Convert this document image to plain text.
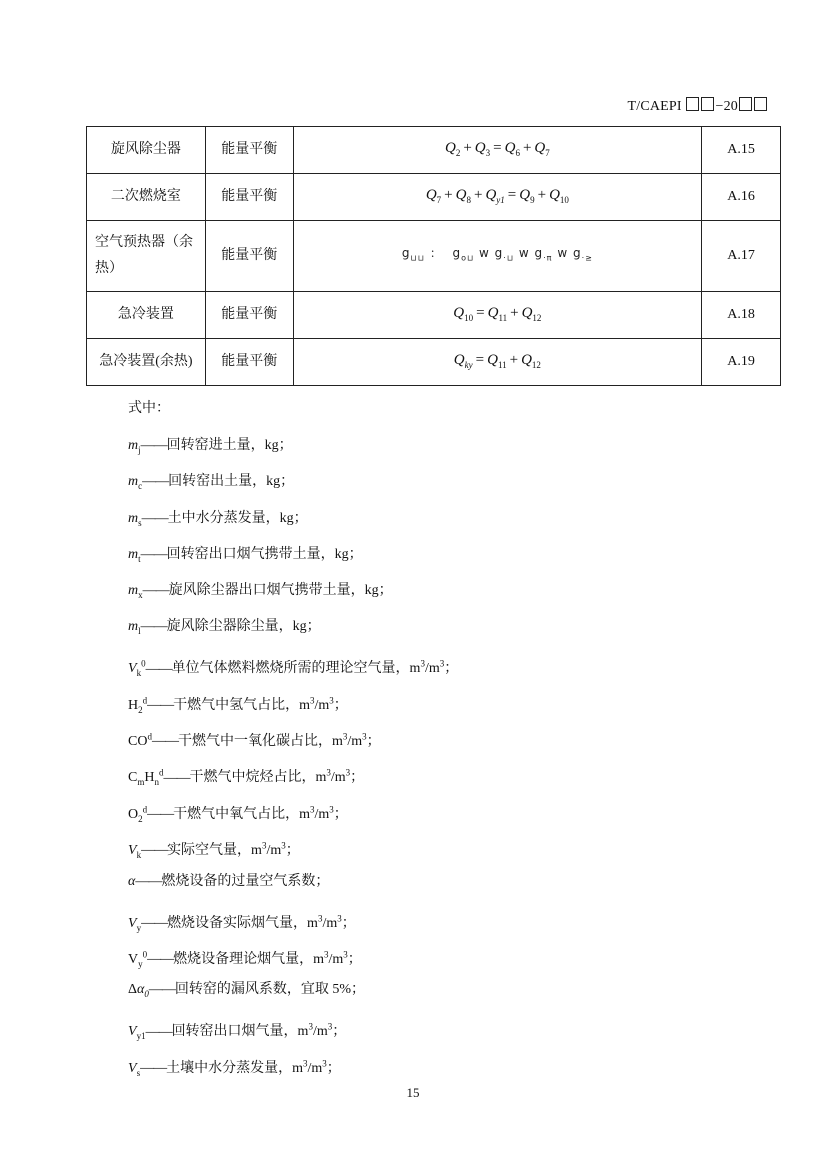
T/CAEPI −20
旋风除尘器	能量平衡	$Q_2 + Q_3 = Q_6 + Q_7$	A.15
二次燃烧室	能量平衡	$Q_7 + Q_8 + Q_{y1} = Q_9 + Q_{10}$	A.16
空气预热器（余热）	能量平衡	$g_{⊔⊔}$ ：  $g_{o⊔}$ w $g_{\cdot⊔}$ w $g_{\cdot\pi}$ w $g_{\cdot\ge}$	A.17
急冷装置	能量平衡	$Q_{10} = Q_{11} + Q_{12}$	A.18
急冷装置(余热)	能量平衡	$Q_{ky} = Q_{11} + Q_{12}$	A.19
式中：
$m_j——$回转窑进土量，kg；
$m_c——$回转窑出土量，kg；
$m_s——$土中水分蒸发量，kg；
$m_t——$回转窑出口烟气携带土量，kg；
$m_x——$旋风除尘器出口烟气携带土量，kg；
$m_l——$旋风除尘器除尘量，kg；
$V_k^0——$单位气体燃料燃烧所需的理论空气量，$m^3/m^3$；
$H_2^d——$干燃气中氢气占比，$m^3/m^3$；
$CO^d——$干燃气中一氧化碳占比，$m^3/m^3$；
$C_mH_n^d——$干燃气中烷烃占比，$m^3/m^3$；
$O_2^d——$干燃气中氧气占比，$m^3/m^3$；
$V_k——$实际空气量，$m^3/m^3$；
α——燃烧设备的过量空气系数；
$V_y——$燃烧设备实际烟气量，$m^3/m^3$；
$V_y^0——$燃烧设备理论烟气量，$m^3/m^3$；
$\Delta\alpha_0——$回转窑的漏风系数，宜取 5%；
$V_{y1}——$回转窑出口烟气量，$m^3/m^3$；
$V_s——$土壤中水分蒸发量，$m^3/m^3$；
15
